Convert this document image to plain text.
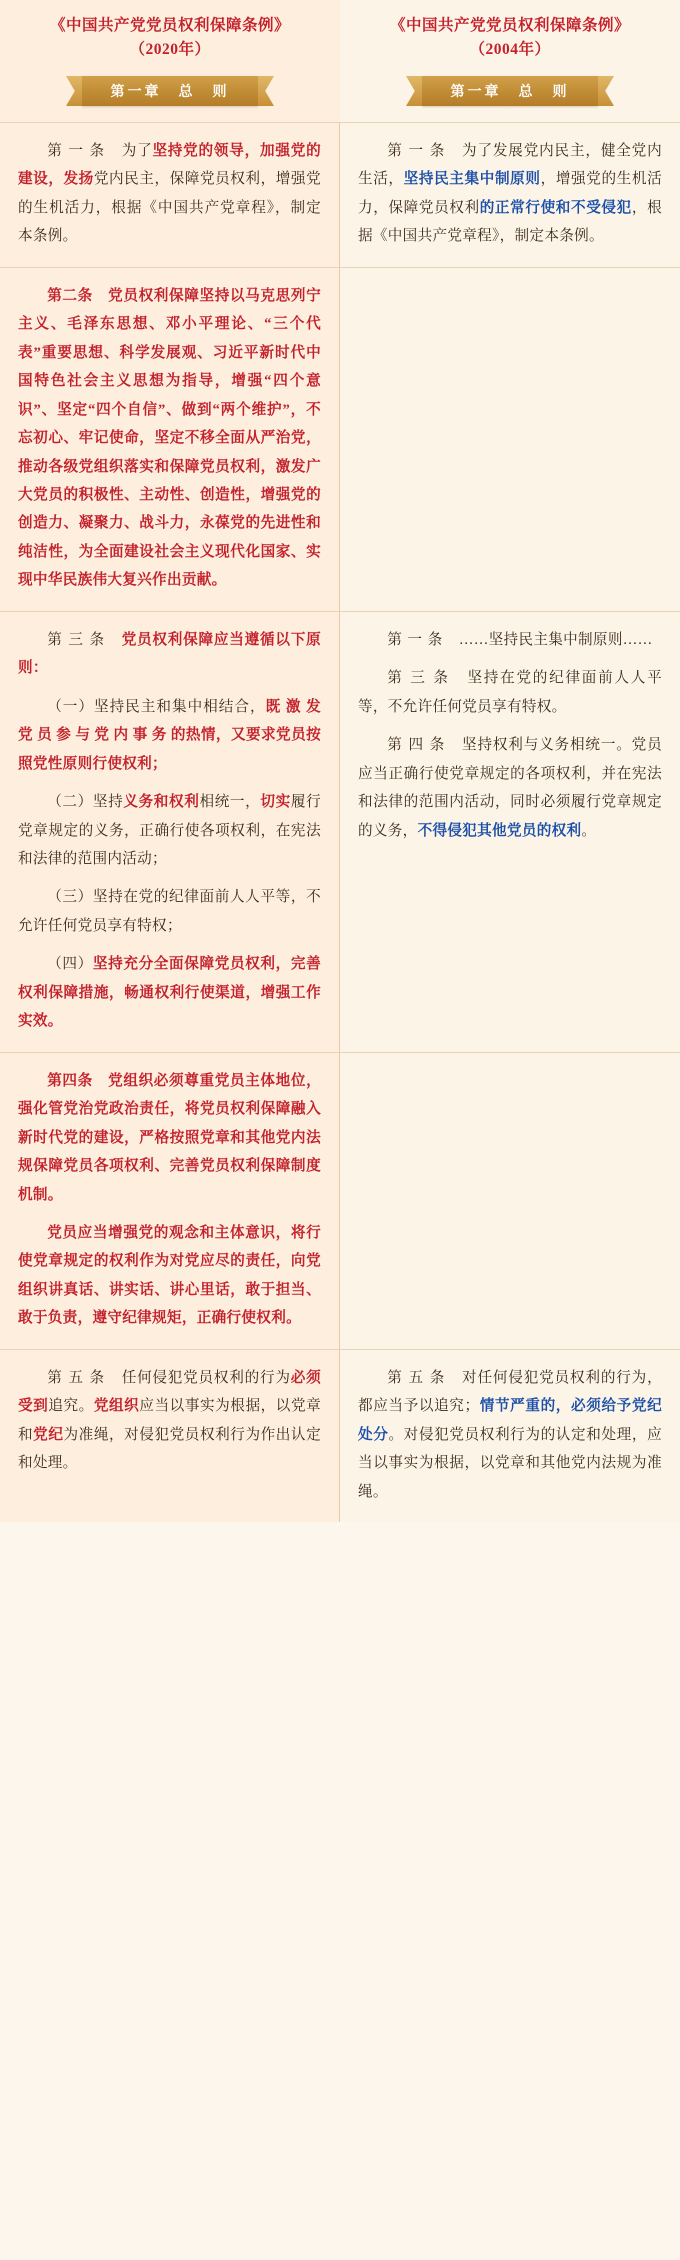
《中国共产党党员权利保障条例》
（2020年）
《中国共产党党员权利保障条例》
（2004年）
第一章　总　则	第一章　总　则

第 一 条　为了坚持党的领导，加强党的建设，发扬党内民主，保障党员权利，增强党的生机活力，根据《中国共产党章程》，制定本条例。

第 一 条　为了发展党内民主，健全党内生活，坚持民主集中制原则，增强党的生机活力，保障党员权利的正常行使和不受侵犯，根据《中国共产党章程》，制定本条例。

第二条　党员权利保障坚持以马克思列宁主义、毛泽东思想、邓小平理论、“三个代表”重要思想、科学发展观、习近平新时代中国特色社会主义思想为指导，增强“四个意识”、坚定“四个自信”、做到“两个维护”，不忘初心、牢记使命，坚定不移全面从严治党，推动各级党组织落实和保障党员权利，激发广大党员的积极性、主动性、创造性，增强党的创造力、凝聚力、战斗力，永葆党的先进性和纯洁性，为全面建设社会主义现代化国家、实现中华民族伟大复兴作出贡献。

第 三 条　党员权利保障应当遵循以下原则：

（一）坚持民主和集中相结合，既 激 发 党 员 参 与 党 内 事 务 的热情，又要求党员按照党性原则行使权利；

（二）坚持义务和权利相统一，切实履行党章规定的义务，正确行使各项权利，在宪法和法律的范围内活动；

（三）坚持在党的纪律面前人人平等，不允许任何党员享有特权；

（四）坚持充分全面保障党员权利，完善权利保障措施，畅通权利行使渠道，增强工作实效。

第 一 条　……坚持民主集中制原则……

第 三 条　坚持在党的纪律面前人人平等，不允许任何党员享有特权。

第 四 条　坚持权利与义务相统一。党员应当正确行使党章规定的各项权利，并在宪法和法律的范围内活动，同时必须履行党章规定的义务，不得侵犯其他党员的权利。

第四条　党组织必须尊重党员主体地位，强化管党治党政治责任，将党员权利保障融入新时代党的建设，严格按照党章和其他党内法规保障党员各项权利、完善党员权利保障制度机制。

党员应当增强党的观念和主体意识，将行使党章规定的权利作为对党应尽的责任，向党组织讲真话、讲实话、讲心里话，敢于担当、敢于负责，遵守纪律规矩，正确行使权利。

第 五 条　任何侵犯党员权利的行为必须受到追究。党组织应当以事实为根据，以党章和党纪为准绳，对侵犯党员权利行为作出认定和处理。

第 五 条　对任何侵犯党员权利的行为，都应当予以追究；情节严重的，必须给予党纪处分。对侵犯党员权利行为的认定和处理，应当以事实为根据，以党章和其他党内法规为准绳。
